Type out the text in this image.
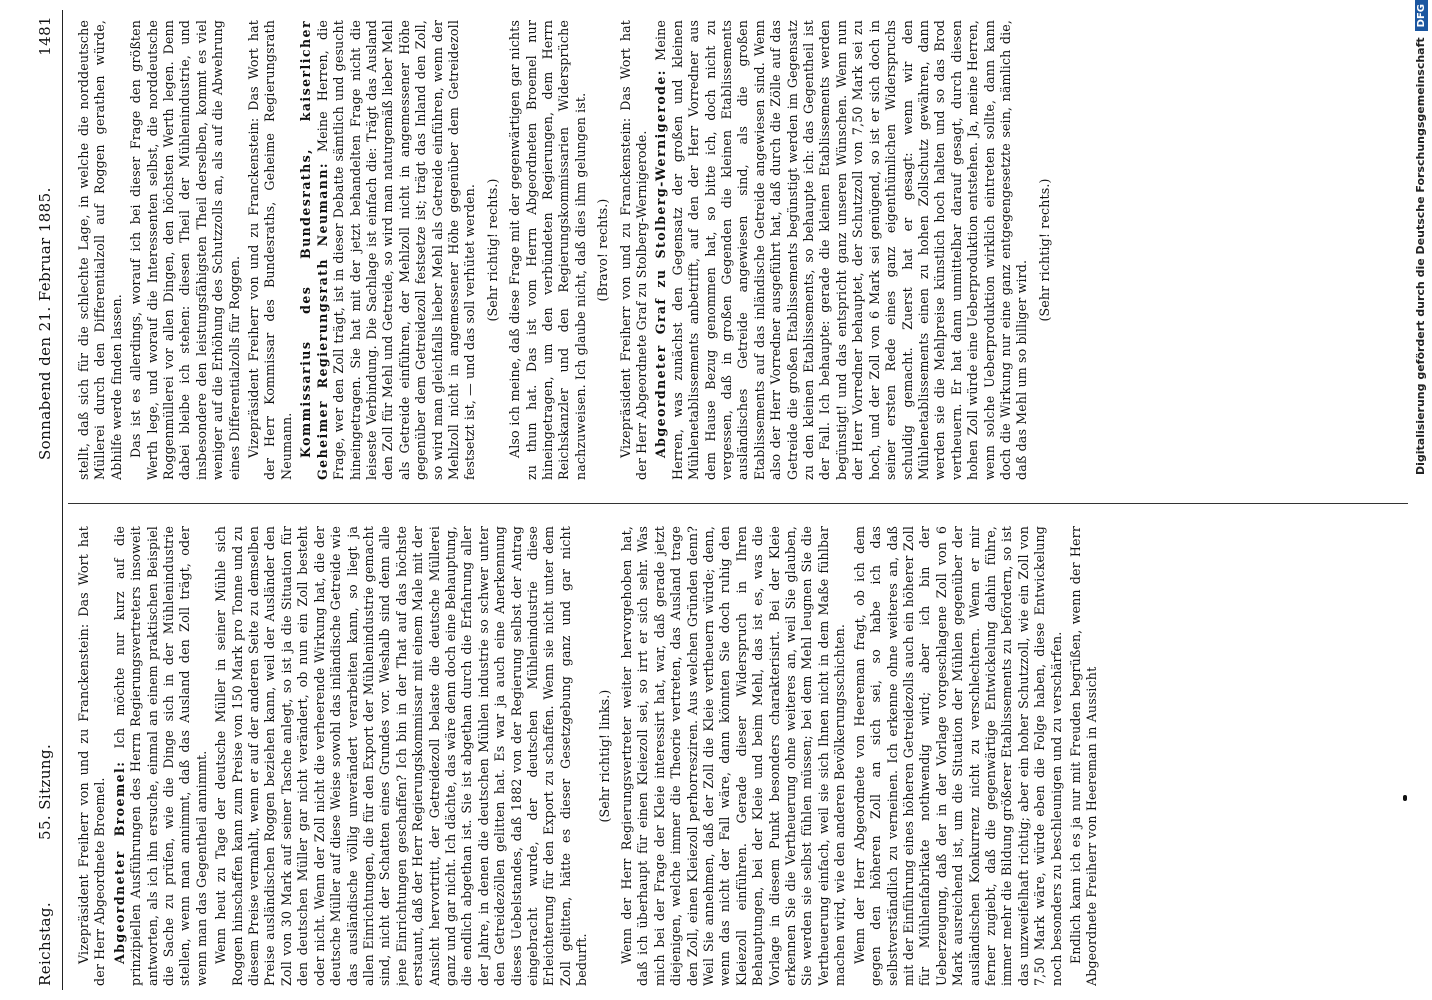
Reichstag.
55. Sitzung.
Sonnabend den 21. Februar 1885.
1481

Vizepräsident Freiherr von und zu Franckenstein: Das Wort hat der Herr Abgeordnete Broemel. Abgeordneter Broemel: Ich möchte nur kurz auf die prinzipiellen Ausführungen des Herrn Regierungsvertreters insoweit antworten, als ich ihn ersuche, einmal an einem praktischen Beispiel die Sache zu prüfen, wie die Dinge sich in der Mühlenindustrie stellen, wenn man annimmt, daß das Ausland den Zoll trägt, oder wenn man das Gegentheil annimmt. Wenn heut zu Tage der deutsche Müller in seiner Mühle sich Roggen hinschaffen kann zum Preise von 150 Mark pro Tonne und zu diesem Preise vermahlt, wenn er auf der anderen Seite zu demselben Preise ausländischen Roggen beziehen kann, weil der Ausländer den Zoll von 30 Mark auf seiner Tasche anlegt, so ist ja die Situation für den deutschen Müller gar nicht verändert, ob nun ein Zoll besteht oder nicht. Wenn der Zoll nicht die verheerende Wirkung hat, die der deutsche Müller auf diese Weise sowohl das inländische Getreide wie das ausländische völlig unverändert verarbeiten kann, so liegt ja allen Einrichtungen, die für den Export der Mühlenindustrie gemacht sind, nicht der Schatten eines Grundes vor. Weshalb sind denn alle jene Einrichtungen geschaffen? Ich bin in der That auf das höchste erstaunt, daß der Herr Regierungskommissar mit einem Male mit der Ansicht hervortritt, der Getreidezoll belaste die deutsche Müllerei ganz und gar nicht. Ich dächte, das wäre denn doch eine Behauptung, die endlich abgethan ist. Sie ist abgethan durch die Erfahrung aller der Jahre, in denen die deutschen Mühlen industrie so schwer unter den Getreidezöllen gelitten hat. Es war ja auch eine Anerkennung dieses Uebelstandes, daß 1882 von der Regierung selbst der Antrag eingebracht wurde, der deutschen Mühlenindustrie diese Erleichterung für den Export zu schaffen. Wenn sie nicht unter dem Zoll gelitten, hätte es dieser Gesetzgebung ganz und gar nicht bedurft.

(Sehr richtig! links.) Wenn der Herr Regierungsvertreter weiter hervorgehoben hat, daß ich überhaupt für einen Kleiezoll sei, so irrt er sich sehr. Was mich bei der Frage der Kleie interessirt hat, war, daß gerade jetzt diejenigen, welche immer die Theorie vertreten, das Ausland trage den Zoll, einen Kleiezoll perhorresziren. Aus welchen Gründen denn? Weil Sie annehmen, daß der Zoll die Kleie vertheuern würde; denn, wenn das nicht der Fall wäre, dann könnten Sie doch ruhig den Kleiezoll einführen. Gerade dieser Widerspruch in Ihren Behauptungen, bei der Kleie und beim Mehl, das ist es, was die Vorlage in diesem Punkt besonders charakterisirt. Bei der Kleie erkennen Sie die Vertheuerung ohne weiteres an, weil Sie glauben, Sie werden sie selbst fühlen müssen; bei dem Mehl leugnen Sie die Vertheuerung einfach, weil sie sich Ihnen nicht in dem Maße fühlbar machen wird, wie den anderen Bevölkerungsschichten. Wenn der Herr Abgeordnete von Heereman fragt, ob ich dem gegen den höheren Zoll an sich sei, so habe ich das selbstverständlich zu verneinen. Ich erkenne ohne weiteres an, daß mit der Einführung eines höheren Getreidezolls auch ein höherer Zoll für Mühlenfabrikate nothwendig wird; aber ich bin der Ueberzeugung, daß der in der Vorlage vorgeschlagene Zoll von 6 Mark ausreichend ist, um die Situation der Mühlen gegenüber der ausländischen Konkurrenz nicht zu verschlechtern. Wenn er mir ferner zugiebt, daß die gegenwärtige Entwickelung dahin führe, immer mehr die Bildung größerer Etablissements zu befördern, so ist das unzweifelhaft richtig; aber ein hoher Schutzzoll, wie ein Zoll von 7,50 Mark wäre, würde eben die Folge haben, diese Entwickelung noch besonders zu beschleunigen und zu verschärfen. Endlich kann ich es ja nur mit Freuden begrüßen, wenn der Herr Abgeordnete Freiherr von Heereman in Aussicht

stellt, daß sich für die schlechte Lage, in welche die norddeutsche Müllerei durch den Differentialzoll auf Roggen gerathen würde, Abhilfe werde finden lassen. Das ist es allerdings, worauf ich bei dieser Frage den größten Werth lege, und worauf die Interessenten selbst, die norddeutsche Roggenmüllerei vor allen Dingen, den höchsten Werth legen. Denn dabei bleibe ich stehen: diesen Theil der Mühlenindustrie, und insbesondere den leistungsfähigsten Theil derselben, kommt es viel weniger auf die Erhöhung des Schutzzolls an, als auf die Abwehrung eines Differentialzolls für Roggen. Vizepräsident Freiherr von und zu Franckenstein: Das Wort hat der Herr Kommissar des Bundesraths, Geheime Regierungsrath Neumann. Kommissarius des Bundesraths, kaiserlicher Geheimer Regierungsrath Neumann: Meine Herren, die Frage, wer den Zoll trägt, ist in dieser Debatte sämtlich und gesucht hineingetragen. Sie hat mit der jetzt behandelten Frage nicht die leiseste Verbindung. Die Sachlage ist einfach die: Trägt das Ausland den Zoll für Mehl und Getreide, so wird man naturgemäß lieber Mehl als Getreide einführen, der Mehlzoll nicht in angemessener Höhe gegenüber dem Getreidezoll festsetze ist; trägt das Inland den Zoll, so wird man gleichfalls lieber Mehl als Getreide einführen, wenn der Mehlzoll nicht in angemessener Höhe gegenüber dem Getreidezoll festsetzt ist, — und das soll verhütet werden. (Sehr richtig! rechts.) Also ich meine, daß diese Frage mit der gegenwärtigen gar nichts zu thun hat. Das ist vom Herrn Abgeordneten Broemel nur hineingetragen, um den verbündeten Regierungen, dem Herrn Reichskanzler und den Regierungskommissarien Widersprüche nachzuweisen. Ich glaube nicht, daß dies ihm gelungen ist. (Bravo! rechts.) Vizepräsident Freiherr von und zu Franckenstein: Das Wort hat der Herr Abgeordnete Graf zu Stolberg-Wernigerode. Abgeordneter Graf zu Stolberg-Wernigerode: Meine Herren, was zunächst den Gegensatz der großen und kleinen Mühlenetablissements anbetrifft, auf den der Herr Vorredner aus dem Hause Bezug genommen hat, so bitte ich, doch nicht zu vergessen, daß in großen Gegenden die kleinen Etablissements ausländisches Getreide angewiesen sind, als die großen Etablissements auf das inländische Getreide angewiesen sind. Wenn also der Herr Vorredner ausgeführt hat, daß durch die Zölle auf das Getreide die großen Etablissements begünstigt werden im Gegensatz zu den kleinen Etablissements, so behaupte ich: das Gegentheil ist der Fall. Ich behaupte: gerade die kleinen Etablissements werden begünstigt! und das entspricht ganz unseren Wünschen. Wenn nun der Herr Vorredner behauptet, der Schutzzoll von 7,50 Mark sei zu hoch, und der Zoll von 6 Mark sei genügend, so ist er sich doch in seiner ersten Rede eines ganz eigenthümlichen Widerspruchs schuldig gemacht. Zuerst hat er gesagt: wenn wir den Mühlenetablissements einen zu hohen Zollschutz gewähren, dann werden sie die Mehlpreise künstlich hoch halten und so das Brod vertheuern. Er hat dann unmittelbar darauf gesagt, durch diesen hohen Zoll würde eine Ueberproduktion entstehen. Ja, meine Herren, wenn solche Ueberproduktion wirklich eintreten sollte, dann kann doch die Wirkung nur eine ganz entgegengesetzte sein, nämlich die, daß das Mehl um so billiger wird.

(Sehr richtig! rechts.)	Digitalisierung gefördert durch die Deutsche ForschungsgemeinschaftDFG
